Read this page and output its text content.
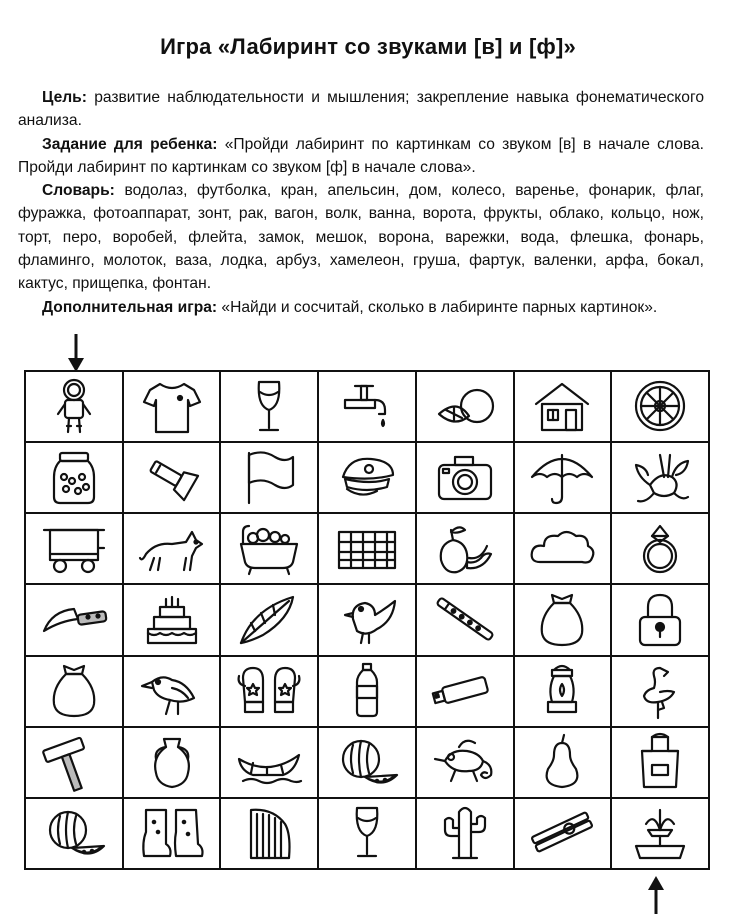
Игра «Лабиринт со звуками [в] и [ф]»

Цель: развитие наблюдательности и мышления; закрепление навыка фонематического анализа.

Задание для ребенка: «Пройди лабиринт по картинкам со звуком [в] в начале слова. Пройди лабиринт по картинкам со звуком [ф] в начале слова».

Словарь: водолаз, футболка, кран, апельсин, дом, колесо, варенье, фонарик, флаг, фуражка, фотоаппарат, зонт, рак, вагон, волк, ванна, ворота, фрукты, облако, кольцо, нож, торт, перо, воробей, флейта, замок, мешок, ворона, варежки, вода, флешка, фонарь, фламинго, молоток, ваза, лодка, арбуз, хамелеон, груша, фартук, валенки, арфа, бокал, кактус, прищепка, фонтан.

Дополнительная игра: «Найди и сосчитай, сколько в лабиринте парных картинок».
